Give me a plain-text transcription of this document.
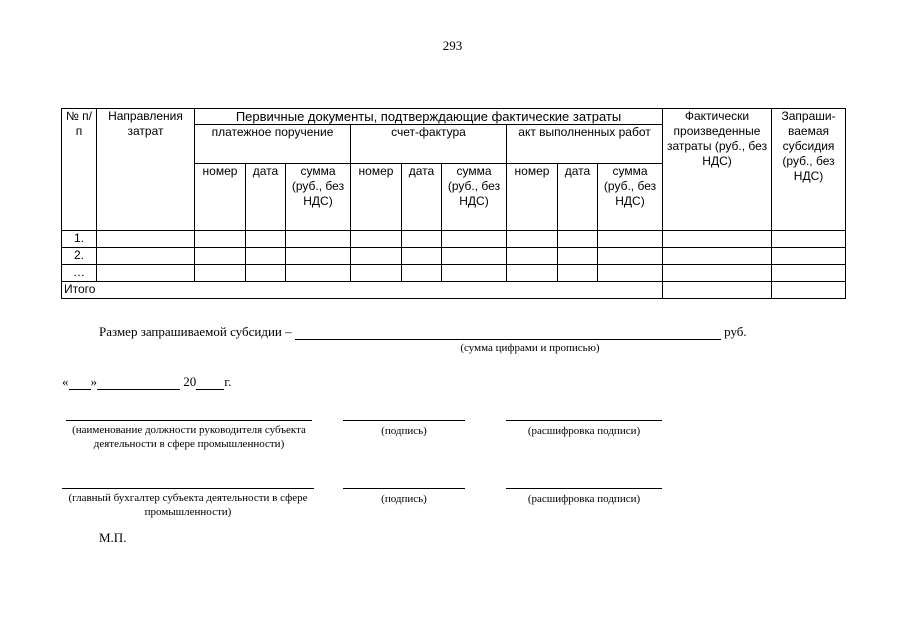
293
№ п/п	Направления затрат	Первичные документы, подтверждающие фактические затраты									Фактически произведенные затраты (руб., без НДС)	Запраши-ваемая субсидия (руб., без НДС)
		платежное поручение			счет-фактура			акт выполненных работ				
		номер	дата	сумма (руб., без НДС)	номер	дата	сумма (руб., без НДС)	номер	дата	сумма (руб., без НДС)		
1.												
2.												
…												
Итого												
Размер запрашиваемой субсидии –	руб.
(сумма цифрами и прописью)
« »	20 г.
(наименование должности руководителя субъекта деятельности в сфере промышленности)
(подпись)	(расшифровка подписи)
(главный бухгалтер субъекта деятельности в сфере промышленности)
(подпись)	(расшифровка подписи)
М.П.
